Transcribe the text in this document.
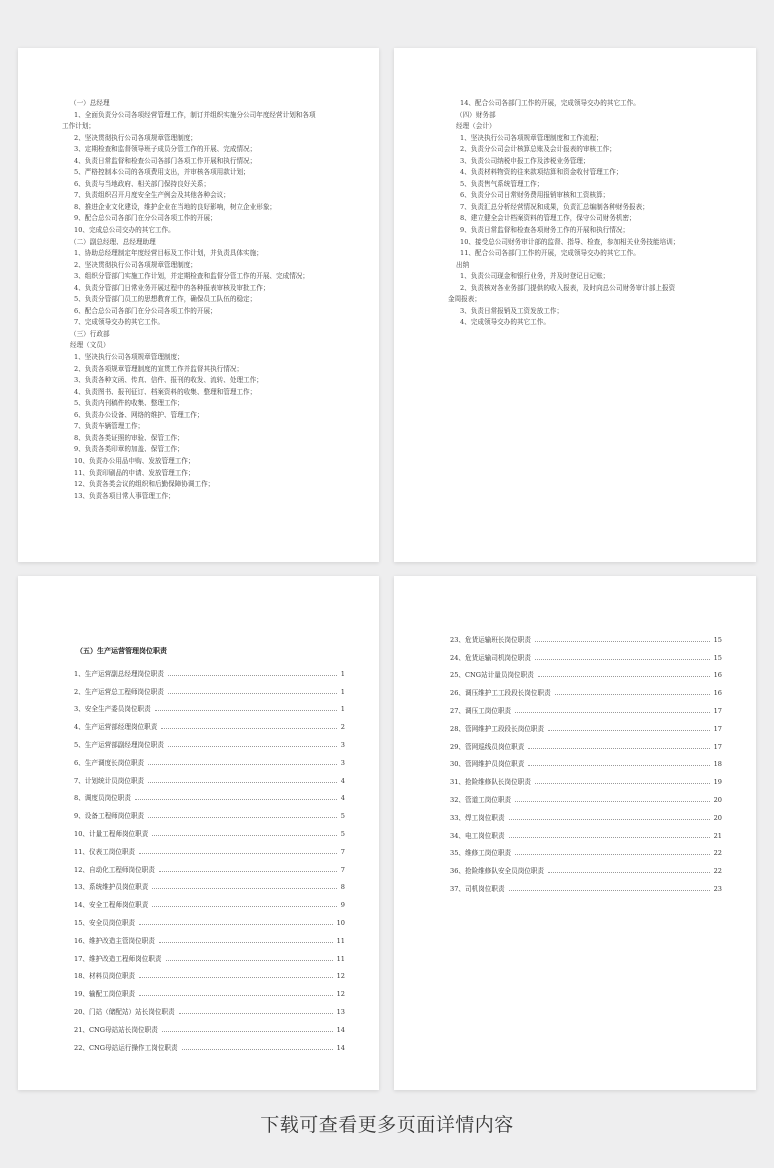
（一）总经理
1、全面负责分公司各项经营管理工作，制订并组织实施分公司年度经营计划和各项
工作计划；
2、坚决贯彻执行公司各项规章管理制度；
3、定期检查和监督领导班子成员分管工作的开展、完成情况；
4、负责日常监督和检查公司各部门各项工作开展和执行情况；
5、严格控制本公司的各项费用支出，并审核各项用款计划；
6、负责与当地政府、相关部门保持良好关系；
7、负责组织召开月度安全生产例会及其他各种会议；
8、推进企业文化建设，维护企业在当地的良好影响，树立企业形象；
9、配合总公司各部门在分公司各项工作的开展；
10、完成总公司交办的其它工作。
（二）副总经理、总经理助理
1、协助总经理制定年度经营目标及工作计划，并负责具体实施；
2、坚决贯彻执行公司各项规章管理制度；
3、组织分管部门实施工作计划，并定期检查和监督分管工作的开展、完成情况；
4、负责分管部门日常业务开展过程中的各种报表审核及审批工作；
5、负责分管部门员工的思想教育工作，确保员工队伍的稳定；
6、配合总公司各部门在分公司各项工作的开展；
7、完成领导交办的其它工作。
（三）行政部
经理（文员）
1、坚决执行公司各项规章管理制度；
2、负责各项规章管理制度的宣贯工作并监督其执行情况；
3、负责各种文函、传真、信件、报刊的收发、流转、处理工作；
4、负责图书、报刊征订、档案资料的收集、整理和管理工作；
5、负责内刊稿件的收集、整理工作；
6、负责办公设备、网络的维护、管理工作；
7、负责车辆管理工作；
8、负责各类证照的审验、保管工作；
9、负责各类印章的加盖、保管工作；
10、负责办公用品申购、发放管理工作；
11、负责印刷品的申请、发放管理工作；
12、负责各类会议的组织和后勤保障协调工作；
13、负责各项目常人事管理工作；
14、配合公司各部门工作的开展，完成领导交办的其它工作。
（四）财务部
经理（会计）
1、坚决执行公司各项规章管理制度和工作流程；
2、负责分公司会计核算总账及会计报表的审核工作；
3、负责公司纳税申报工作及涉税业务管理；
4、负责材料物资的往来款项结算和资金收付管理工作；
5、负责售气系统管理工作；
6、负责分公司日常财务费用报销审核和工资核算；
7、负责汇总分析经营情况和成果，负责汇总编制各种财务报表；
8、建立健全会计档案资料的管理工作，保守公司财务机密；
9、负责日常监督和检查各项财务工作的开展和执行情况；
10、接受总公司财务审计部的监督、指导、检查，参加相关业务技能培训；
11、配合公司各部门工作的开展，完成领导交办的其它工作。
出纳
1、负责公司现金和银行业务，并及时登记日记账；
2、负责核对各业务部门提供的收入报表，及时向总公司财务审计部上报资
金周报表；
3、负责日常报销及工资发放工作；
4、完成领导交办的其它工作。
（五）生产运营管理岗位职责
1、生产运营副总经理岗位职责	1
2、生产运营总工程师岗位职责	1
3、安全生产委员岗位职责	1
4、生产运营部经理岗位职责	2
5、生产运营部副经理岗位职责	3
6、生产调度长岗位职责	3
7、计划统计员岗位职责	4
8、调度员岗位职责	4
9、设备工程师岗位职责	5
10、计量工程师岗位职责	5
11、仪表工岗位职责	7
12、自动化工程师岗位职责	7
13、系统维护员岗位职责	8
14、安全工程师岗位职责	9
15、安全员岗位职责	10
16、维护改造主管岗位职责	11
17、维护改造工程师岗位职责	11
18、材料员岗位职责	12
19、输配工岗位职责	12
20、门站（储配站）站长岗位职责	13
21、CNG母站站长岗位职责	14
22、CNG母站运行操作工岗位职责	14
23、危货运输班长岗位职责	15
24、危货运输司机岗位职责	15
25、CNG站计量员岗位职责	16
26、调压维护工工段段长岗位职责	16
27、调压工岗位职责	17
28、管网维护工段段长岗位职责	17
29、管网巡线员岗位职责	17
30、管网维护员岗位职责	18
31、抢险维修队长岗位职责	19
32、管道工岗位职责	20
33、焊工岗位职责	20
34、电工岗位职责	21
35、维修工岗位职责	22
36、抢险维修队安全员岗位职责	22
37、司机岗位职责	23
下载可查看更多页面详情内容
